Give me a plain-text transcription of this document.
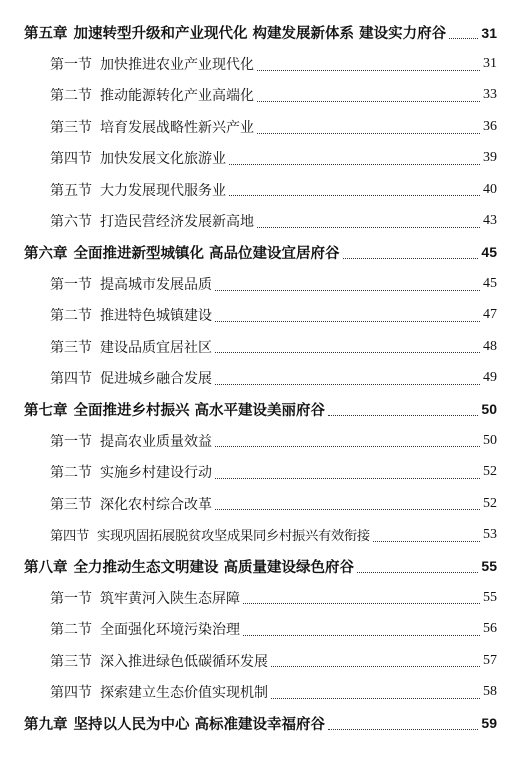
第五章 加速转型升级和产业现代化 构建发展新体系 建设实力府谷	31
第一节 加快推进农业产业现代化	31
第二节 推动能源转化产业高端化	33
第三节 培育发展战略性新兴产业	36
第四节 加快发展文化旅游业	39
第五节 大力发展现代服务业	40
第六节 打造民营经济发展新高地	43
第六章 全面推进新型城镇化 高品位建设宜居府谷	45
第一节 提高城市发展品质	45
第二节 推进特色城镇建设	47
第三节 建设品质宜居社区	48
第四节 促进城乡融合发展	49
第七章 全面推进乡村振兴 高水平建设美丽府谷	50
第一节 提高农业质量效益	50
第二节 实施乡村建设行动	52
第三节 深化农村综合改革	52
第四节 实现巩固拓展脱贫攻坚成果同乡村振兴有效衔接	53
第八章 全力推动生态文明建设 高质量建设绿色府谷	55
第一节 筑牢黄河入陕生态屏障	55
第二节 全面强化环境污染治理	56
第三节 深入推进绿色低碳循环发展	57
第四节 探索建立生态价值实现机制	58
第九章 坚持以人民为中心 高标准建设幸福府谷	59
